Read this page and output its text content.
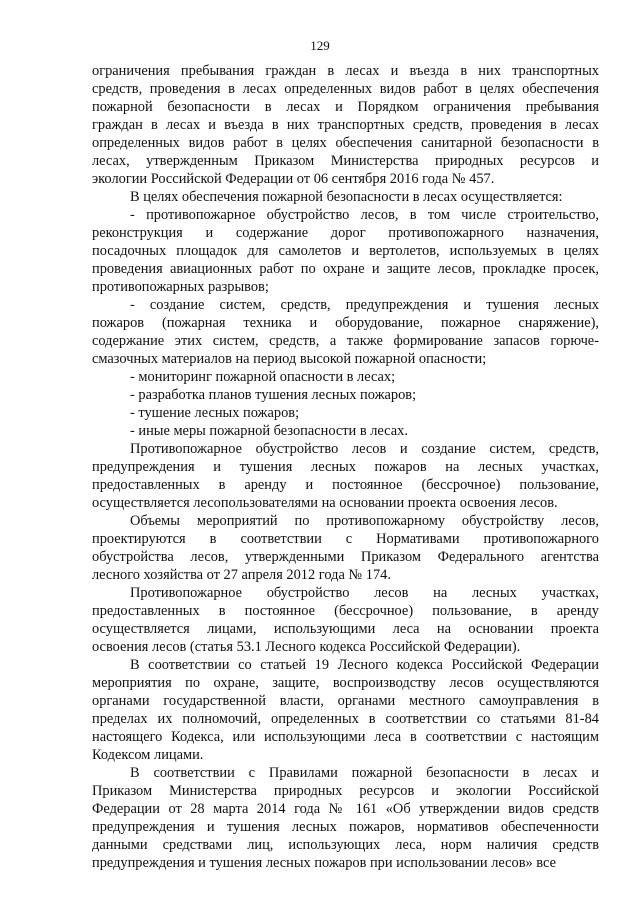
129
ограничения пребывания граждан в лесах и въезда в них транспортных
средств, проведения в лесах определенных видов работ в целях обеспечения
пожарной безопасности в лесах и Порядком ограничения пребывания
граждан в лесах и въезда в них транспортных средств, проведения в лесах
определенных видов работ в целях обеспечения санитарной безопасности в
лесах, утвержденным Приказом Министерства природных ресурсов и
экологии Российской Федерации от 06 сентября 2016 года № 457.
В целях обеспечения пожарной безопасности в лесах осуществляется:
- противопожарное обустройство лесов, в том числе строительство,
реконструкция и содержание дорог противопожарного назначения,
посадочных площадок для самолетов и вертолетов, используемых в целях
проведения авиационных работ по охране и защите лесов, прокладке просек,
противопожарных разрывов;
- создание систем, средств, предупреждения и тушения лесных
пожаров (пожарная техника и оборудование, пожарное снаряжение),
содержание этих систем, средств, а также формирование запасов горюче-
смазочных материалов на период высокой пожарной опасности;
- мониторинг пожарной опасности в лесах;
- разработка планов тушения лесных пожаров;
- тушение лесных пожаров;
- иные меры пожарной безопасности в лесах.
Противопожарное обустройство лесов и создание систем, средств,
предупреждения и тушения лесных пожаров на лесных участках,
предоставленных в аренду и постоянное (бессрочное) пользование,
осуществляется лесопользователями на основании проекта освоения лесов.
Объемы мероприятий по противопожарному обустройству лесов,
проектируются в соответствии с Нормативами противопожарного
обустройства лесов, утвержденными Приказом Федерального агентства
лесного хозяйства от 27 апреля 2012 года № 174.
Противопожарное обустройство лесов на лесных участках,
предоставленных в постоянное (бессрочное) пользование, в аренду
осуществляется лицами, использующими леса на основании проекта
освоения лесов (статья 53.1 Лесного кодекса Российской Федерации).
В соответствии со статьей 19 Лесного кодекса Российской Федерации
мероприятия по охране, защите, воспроизводству лесов осуществляются
органами государственной власти, органами местного самоуправления в
пределах их полномочий, определенных в соответствии со статьями 81-84
настоящего Кодекса, или использующими леса в соответствии с настоящим
Кодексом лицами.
В соответствии с Правилами пожарной безопасности в лесах и
Приказом Министерства природных ресурсов и экологии Российской
Федерации от 28 марта 2014 года № 161 «Об утверждении видов средств
предупреждения и тушения лесных пожаров, нормативов обеспеченности
данными средствами лиц, использующих леса, норм наличия средств
предупреждения и тушения лесных пожаров при использовании лесов» все
